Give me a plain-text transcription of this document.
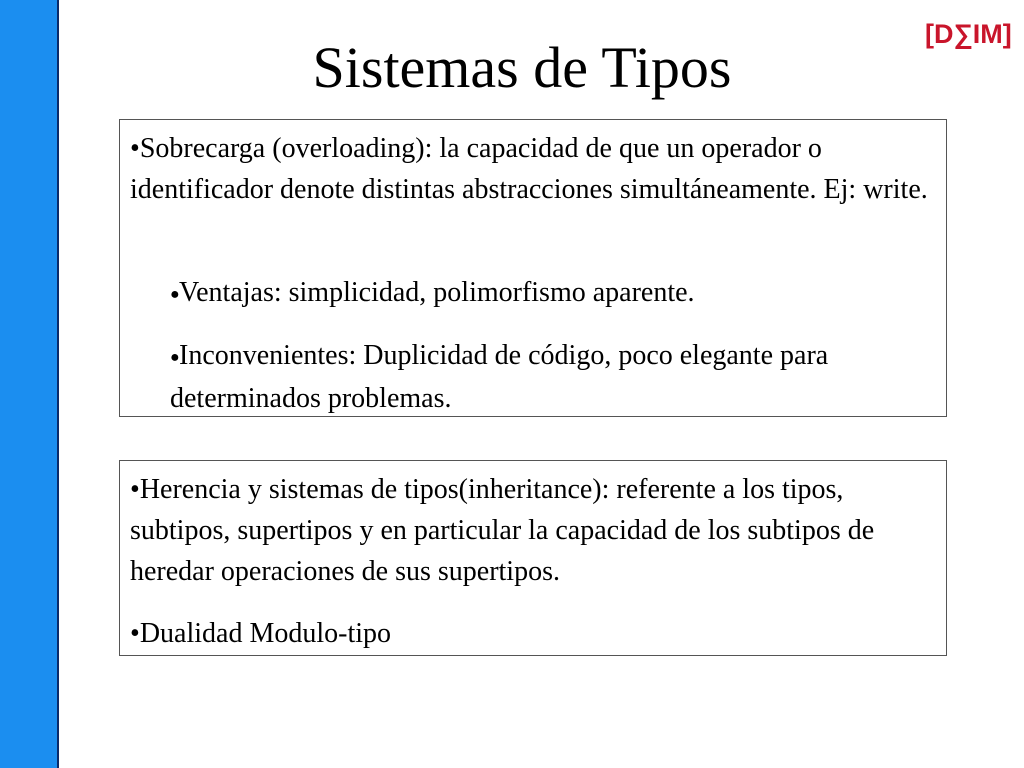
[D∑IM]
Sistemas de Tipos

•Sobrecarga (overloading): la capacidad de que un operador o identificador denote distintas abstracciones simultáneamente. Ej: write.

●Ventajas: simplicidad, polimorfismo aparente.

●Inconvenientes: Duplicidad de código, poco elegante para determinados problemas.

•Herencia y sistemas de tipos(inheritance): referente a los tipos, subtipos, supertipos y en particular la capacidad de los subtipos de heredar operaciones de sus supertipos.

•Dualidad Modulo-tipo
